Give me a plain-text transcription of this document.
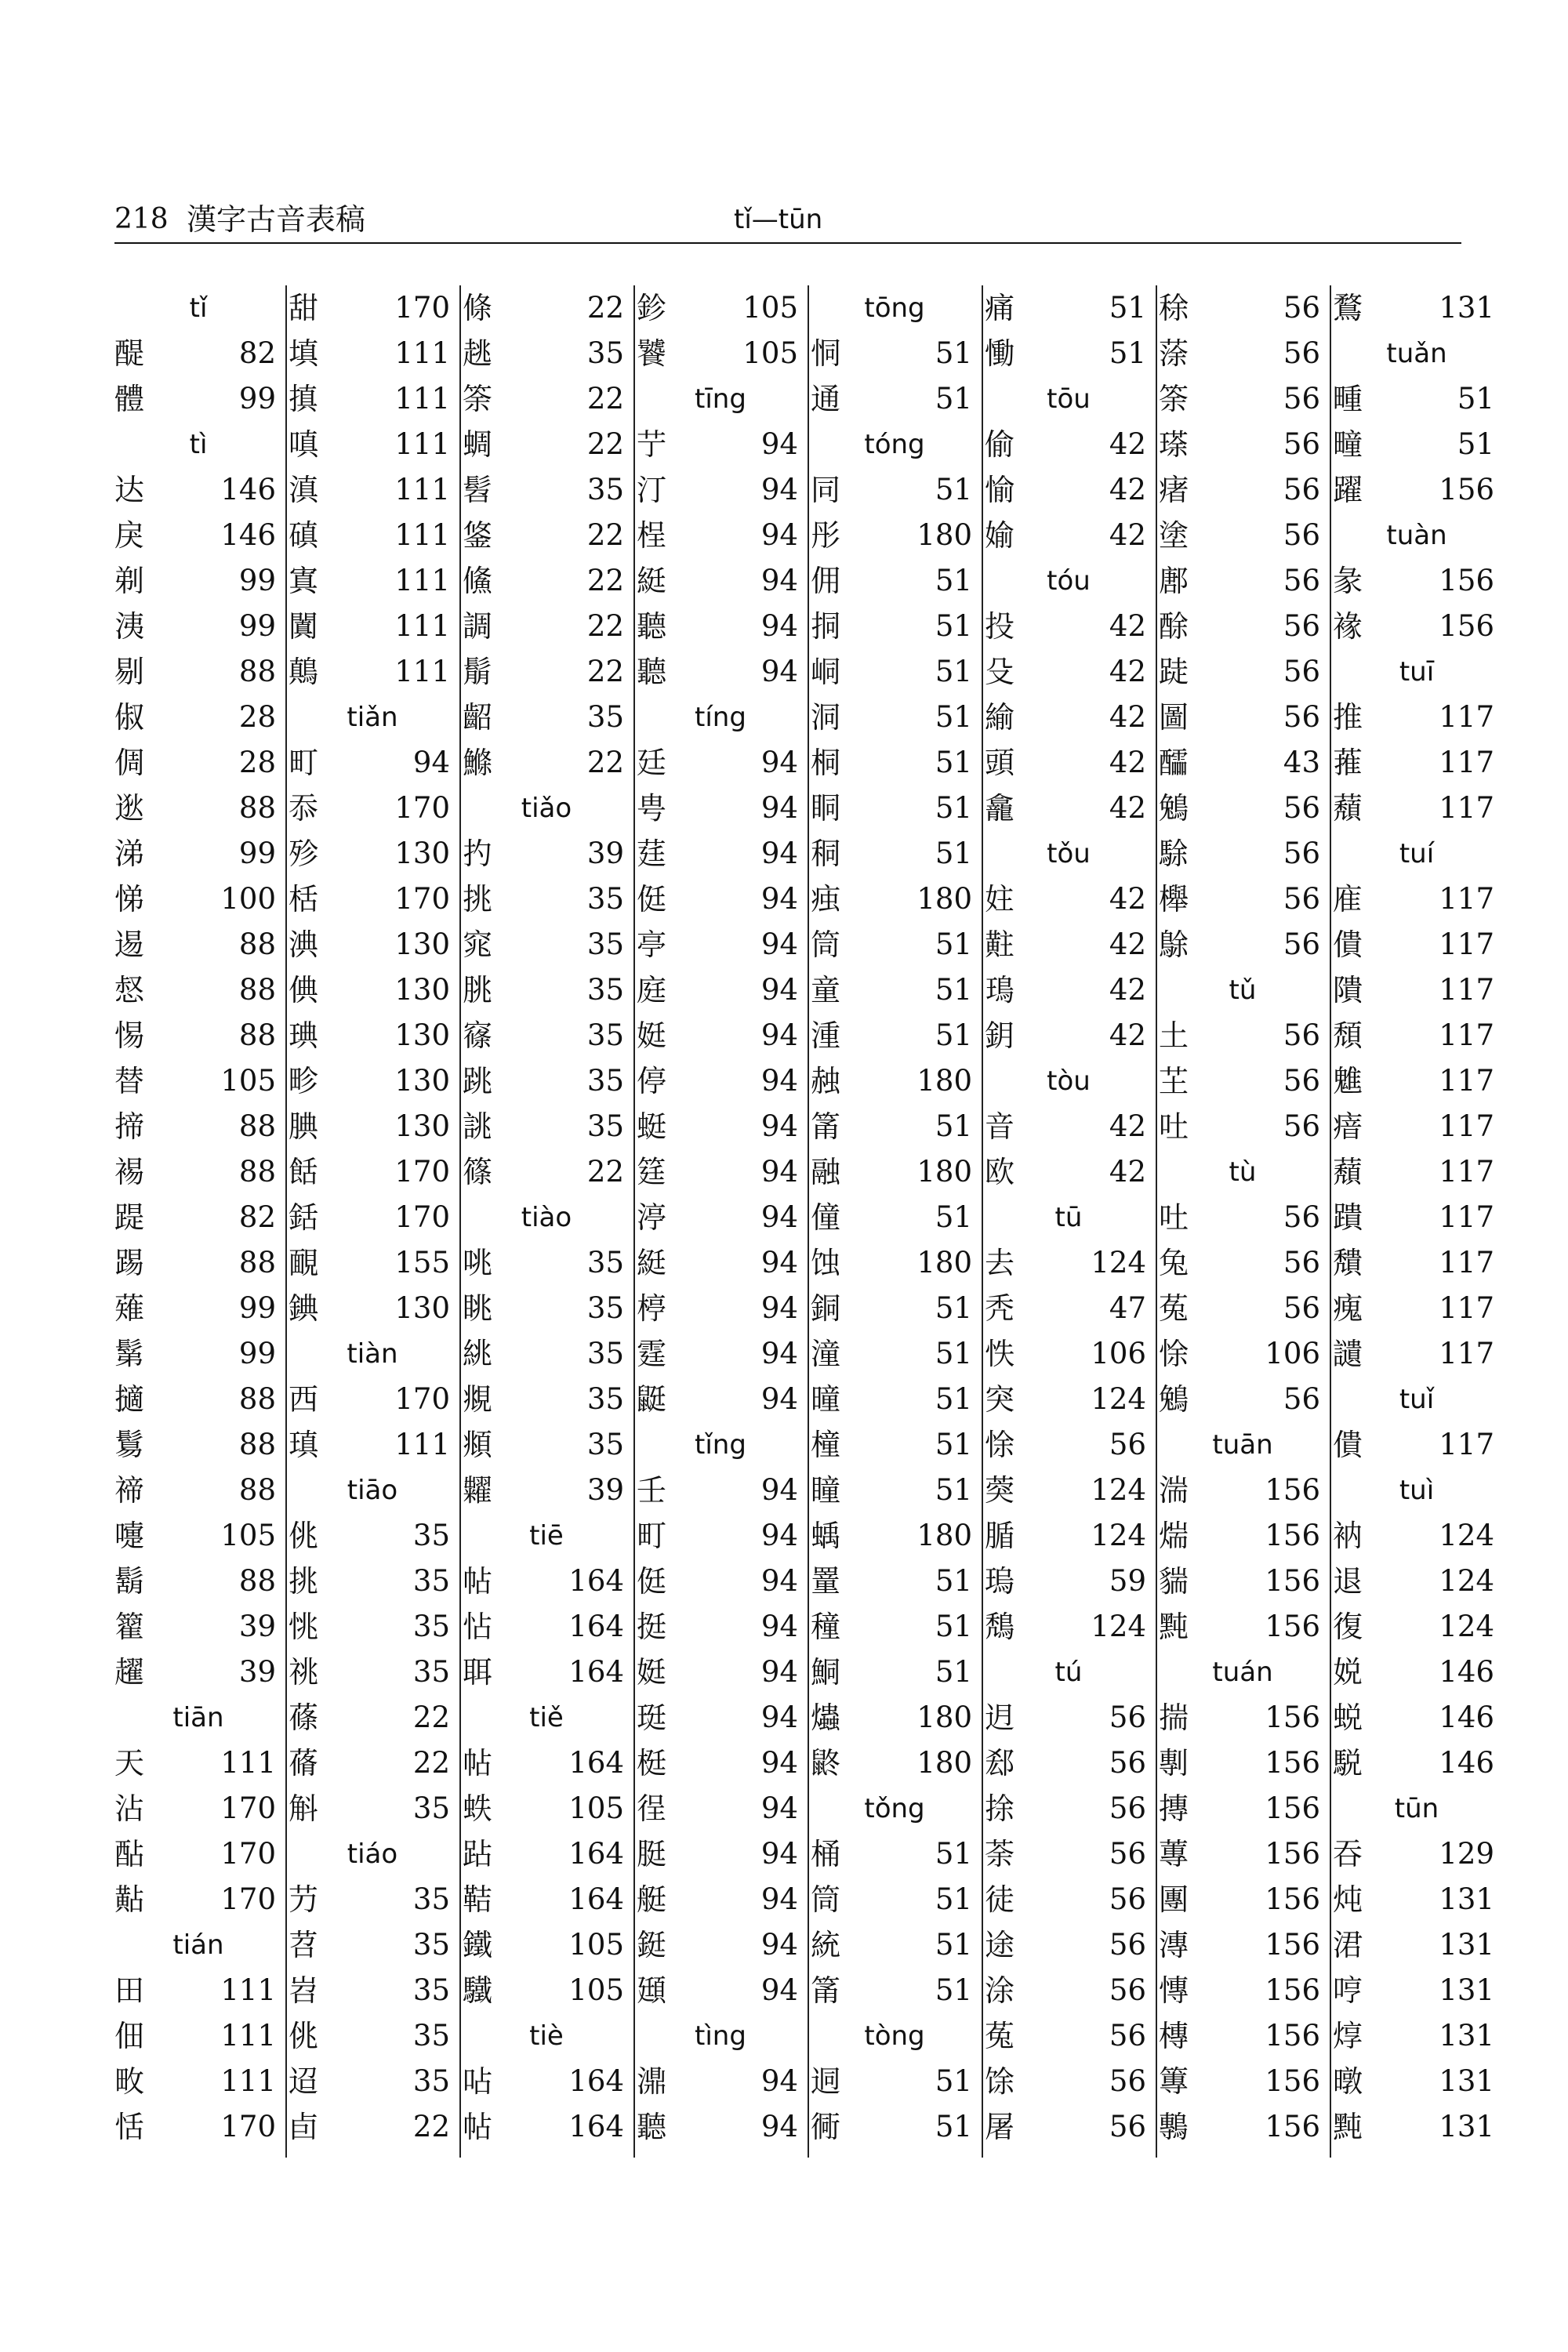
218 漢字古音表稿	tǐ—tūn
tǐ
醍	82
體	99
tì
达	146
戾	146
剃	99
洟	99
剔	88
俶	28
倜	28
逖	88
涕	99
悌	100
逷	88
惄	88
惕	88
替	105
揥	88
裼	88
踶	82
踢	88
薙	99
鬀	99
擿	88
鬄	88
禘	88
嚏	105
鬍	88
籊	39
趯	39
tiān
天	111
沾	170
酟	170
黇	170
tián
田	111
佃	111
畋	111
恬	170
甜	170
填	111
搷	111
嗔	111
滇	111
磌	111
寘	111
闐	111
鷏	111
tiǎn
町	94
忝	170
殄	130
栝	170
淟	130
倎	130
琠	130
畛	130
腆	130
餂	170
銛	170
靦	155
錪	130
tiàn
西	170
瑱	111
tiāo
佻	35
挑	35
恌	35
祧	35
蓧	22
蓨	22
斛	35
tiáo
芀	35
苕	35
岧	35
佻	35
迢	35
卣	22
條	22
趒	35
筡	22
蜩	22
髫	35
鋚	22
鯈	22
調	22
鬅	22
齠	35
鰷	22
tiǎo
扚	39
挑	35
窕	35
朓	35
窱	35
跳	35
誂	35
篠	22
tiào
咷	35
眺	35
絩	35
覜	35
頫	35
糶	39
tiē
帖	164
怗	164
聑	164
tiě
帖	164
蛈	105
跕	164
鞊	164
鐵	105
驖	105
tiè
呫	164
帖	164
鉁	105
饕	105
tīng
艼	94
汀	94
桯	94
綎	94
聽	94
聽	94
tíng
廷	94
甹	94
莛	94
侹	94
亭	94
庭	94
娗	94
停	94
蜓	94
筳	94
渟	94
綎	94
楟	94
霆	94
鼮	94
tǐng
壬	94
町	94
侹	94
挺	94
娗	94
珽	94
梃	94
徎	94
脡	94
艇	94
鋌	94
頲	94
tìng
濎	94
聽	94
tōng
恫	51
通	51
tóng
同	51
彤	180
佣	51
挏	51
峒	51
洞	51
桐	51
眮	51
秱	51
痋	180
筒	51
童	51
湩	51
赨	180
筩	51
融	180
僮	51
蚀	180
銅	51
潼	51
曈	51
橦	51
瞳	51
蝺	180
罿	51
穜	51
鮦	51
爞	180
鼨	180
tǒng
桶	51
筒	51
統	51
筩	51
tòng
迵	51
衕	51
痛	51
慟	51
tōu
偷	42
愉	42
媮	42
tóu
投	42
殳	42
緰	42
頭	42
龕	42
tǒu
妵	42
黈	42
鳿	42
鈅	42
tòu
音	42
欧	42
tū
去	124
秃	47
怢	106
突	124
悇	56
葖	124
腯	124
瑦	59
鵚	124
tú
迌	56
郄	56
捈	56
荼	56
徒	56
途	56
涂	56
菟	56
馀	56
屠	56
稌	56
蒤	56
筡	56
瑹	56
瘏	56
塗	56
鄌	56
酴	56
跿	56
圖	56
醽	43
鵵	56
駼	56
櫸	56
鵌	56
tǔ
土	56
芏	56
吐	56
tù
吐	56
兔	56
菟	56
悇	106
鵵	56
tuān
湍	156
煓	156
貒	156
黗	156
tuán
揣	156
剸	156
摶	156
蓴	156
團	156
漙	156
慱	156
槫	156
篿	156
鷒	156
鶩	131
tuǎn
畽	51
疃	51
躍	156
tuàn
彖	156
褖	156
tuī
推	117
蓷	117
蘈	117
tuí
㢈	117
僓	117
隤	117
頹	117
魋	117
瘖	117
蘈	117
蹪	117
穨	117
瘣	117
讉	117
tuǐ
僓	117
tuì
衲	124
退	124
復	124
娧	146
蜕	146
駾	146
tūn
吞	129
炖	131
涒	131
哼	131
焞	131
暾	131
黗	131
